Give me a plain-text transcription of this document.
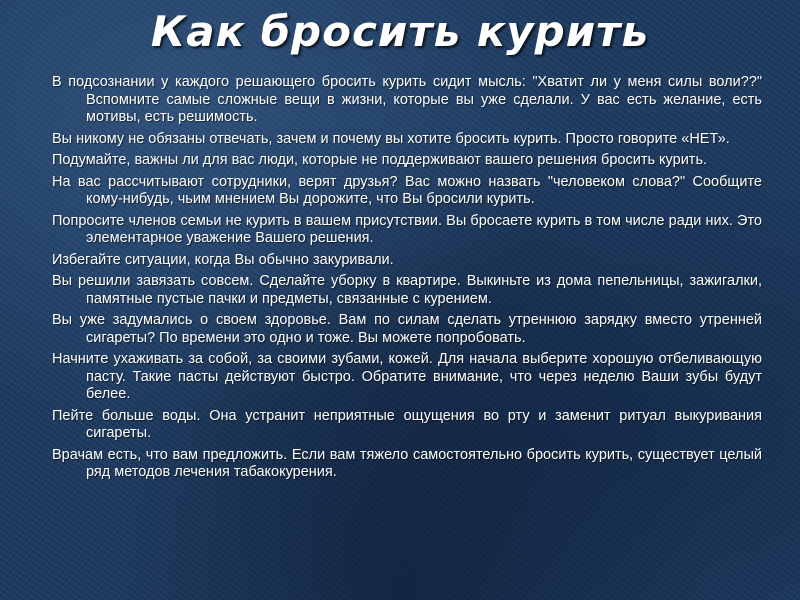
Как бросить курить

В подсознании у каждого решающего бросить курить сидит мысль: "Хватит ли у меня силы воли??" Вспомните самые сложные вещи в жизни, которые вы уже сделали. У вас есть желание, есть мотивы, есть решимость.

Вы никому не обязаны отвечать, зачем и почему вы хотите бросить курить. Просто говорите «НЕТ».

Подумайте, важны ли для вас люди, которые не поддерживают вашего решения бросить курить.

На вас рассчитывают сотрудники, верят друзья? Вас можно назвать "человеком слова?" Сообщите кому-нибудь, чьим мнением Вы дорожите, что Вы бросили курить.

Попросите членов семьи не курить в вашем присутствии. Вы бросаете курить в том числе ради них. Это элементарное уважение Вашего решения.

Избегайте ситуации, когда Вы обычно закуривали.

Вы решили завязать совсем. Сделайте уборку в квартире. Выкиньте из дома пепельницы, зажигалки, памятные пустые пачки и предметы, связанные с курением.

Вы уже задумались о своем здоровье. Вам по силам сделать утреннюю зарядку вместо утренней сигареты? По времени это одно и тоже. Вы можете попробовать.

Начните ухаживать за собой, за своими зубами, кожей. Для начала выберите хорошую отбеливающую пасту. Такие пасты действуют быстро. Обратите внимание, что через неделю Ваши зубы будут белее.

Пейте больше воды. Она устранит неприятные ощущения во рту и заменит ритуал выкуривания сигареты.

Врачам есть, что вам предложить. Если вам тяжело самостоятельно бросить курить, существует целый ряд методов лечения табакокурения.
